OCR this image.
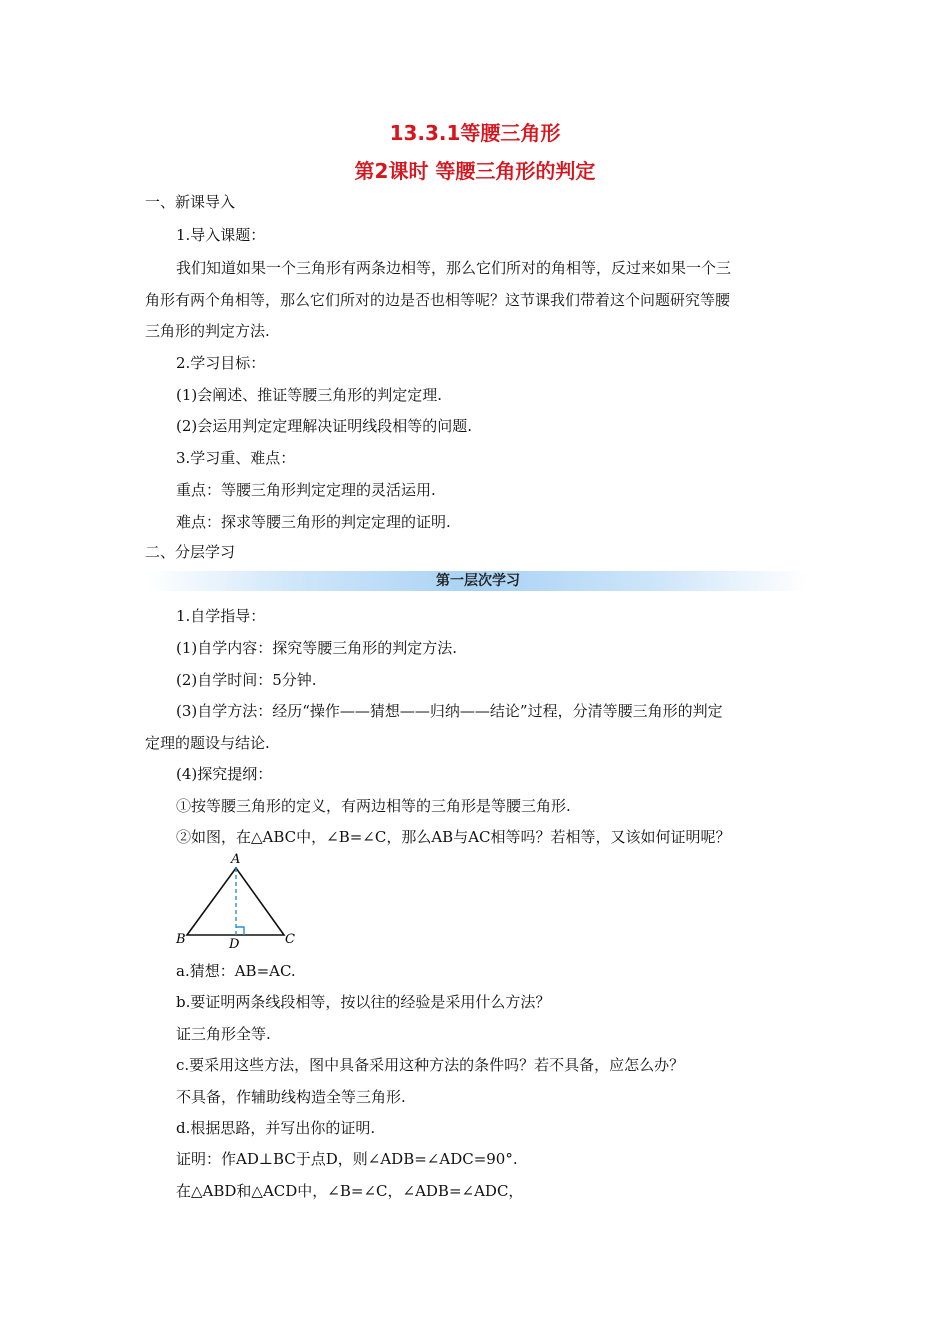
13.3.1等腰三角形
第2课时 等腰三角形的判定
一、新课导入
1.导入课题：
我们知道如果一个三角形有两条边相等，那么它们所对的角相等，反过来如果一个三
角形有两个角相等，那么它们所对的边是否也相等呢？这节课我们带着这个问题研究等腰
三角形的判定方法.
2.学习目标：
(1)会阐述、推证等腰三角形的判定定理.
(2)会运用判定定理解决证明线段相等的问题.
3.学习重、难点：
重点：等腰三角形判定定理的灵活运用.
难点：探求等腰三角形的判定定理的证明.
二、分层学习
第一层次学习
1.自学指导：
(1)自学内容：探究等腰三角形的判定方法.
(2)自学时间：5分钟.
(3)自学方法：经历“操作——猜想——归纳——结论”过程，分清等腰三角形的判定
定理的题设与结论.
(4)探究提纲：
①按等腰三角形的定义，有两边相等的三角形是等腰三角形.
②如图，在△ABC中，∠B=∠C，那么AB与AC相等吗？若相等，又该如何证明呢？
A
B	C
D
a.猜想：AB=AC.
b.要证明两条线段相等，按以往的经验是采用什么方法？
证三角形全等.
c.要采用这些方法，图中具备采用这种方法的条件吗？若不具备，应怎么办？
不具备，作辅助线构造全等三角形.
d.根据思路，并写出你的证明.
证明：作AD⊥BC于点D，则∠ADB=∠ADC=90°.
在△ABD和△ACD中，∠B=∠C，∠ADB=∠ADC，
